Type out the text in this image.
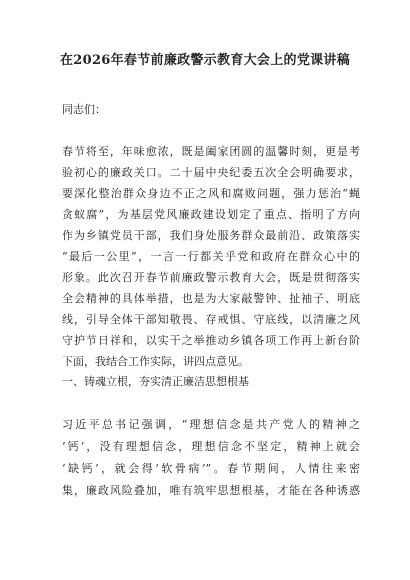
在2026年春节前廉政警示教育大会上的党课讲稿
同志们：
春节将至，年味愈浓，既是阖家团圆的温馨时刻，更是考
验初心的廉政关口。二十届中央纪委五次全会明确要求，
要深化整治群众身边不正之风和腐败问题，强力惩治“蝇
贪蚁腐”，为基层党风廉政建设划定了重点、指明了方向
作为乡镇党员干部，我们身处服务群众最前沿、政策落实
“最后一公里”，一言一行都关乎党和政府在群众心中的
形象。此次召开春节前廉政警示教育大会，既是贯彻落实
全会精神的具体举措，也是为大家敲警钟、扯袖子、明底
线，引导全体干部知敬畏、存戒惧、守底线，以清廉之风
守护节日祥和，以实干之举推动乡镇各项工作再上新台阶
下面，我结合工作实际，讲四点意见。
一、铸魂立根，夯实清正廉洁思想根基
习近平总书记强调，“理想信念是共产党人的精神之
‘钙’，没有理想信念，理想信念不坚定，精神上就会
‘缺钙’，就会得‘软骨病’”。春节期间，人情往来密
集，廉政风险叠加，唯有筑牢思想根基，才能在各种诱惑
